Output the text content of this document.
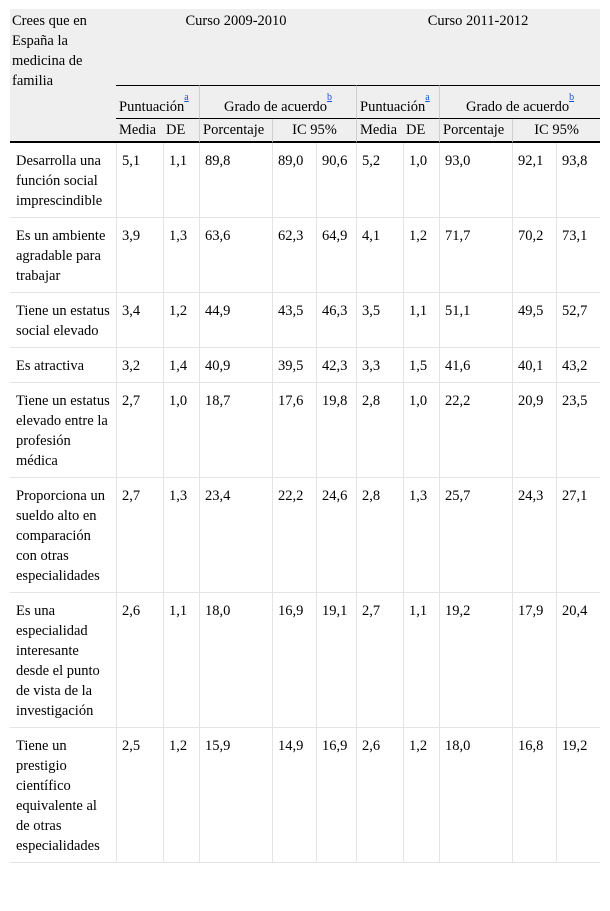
Crees que en España la medicina de familia	Curso 2009-2010					Curso 2011-2012				
	Puntuación$^{^a}$		Grado de acuerdo$^{^b}$			Puntuación$^{^a}$		Grado de acuerdo$^{^b}$
	Media	DE	Porcentaje	IC 95%		Media	DE	Porcentaje	IC 95%	
Desarrolla una función social imprescindible	5,1	1,1	89,8	89,0	90,6	5,2	1,0	93,0	92,1	93,8
Es un ambiente agradable para trabajar	3,9	1,3	63,6	62,3	64,9	4,1	1,2	71,7	70,2	73,1
Tiene un estatus social elevado	3,4	1,2	44,9	43,5	46,3	3,5	1,1	51,1	49,5	52,7
Es atractiva	3,2	1,4	40,9	39,5	42,3	3,3	1,5	41,6	40,1	43,2
Tiene un estatus elevado entre la profesión médica	2,7	1,0	18,7	17,6	19,8	2,8	1,0	22,2	20,9	23,5
Proporciona un sueldo alto en comparación con otras especialidades	2,7	1,3	23,4	22,2	24,6	2,8	1,3	25,7	24,3	27,1
Es una especialidad interesante desde el punto de vista de la investigación	2,6	1,1	18,0	16,9	19,1	2,7	1,1	19,2	17,9	20,4
Tiene un prestigio científico equivalente al de otras especialidades	2,5	1,2	15,9	14,9	16,9	2,6	1,2	18,0	16,8	19,2
